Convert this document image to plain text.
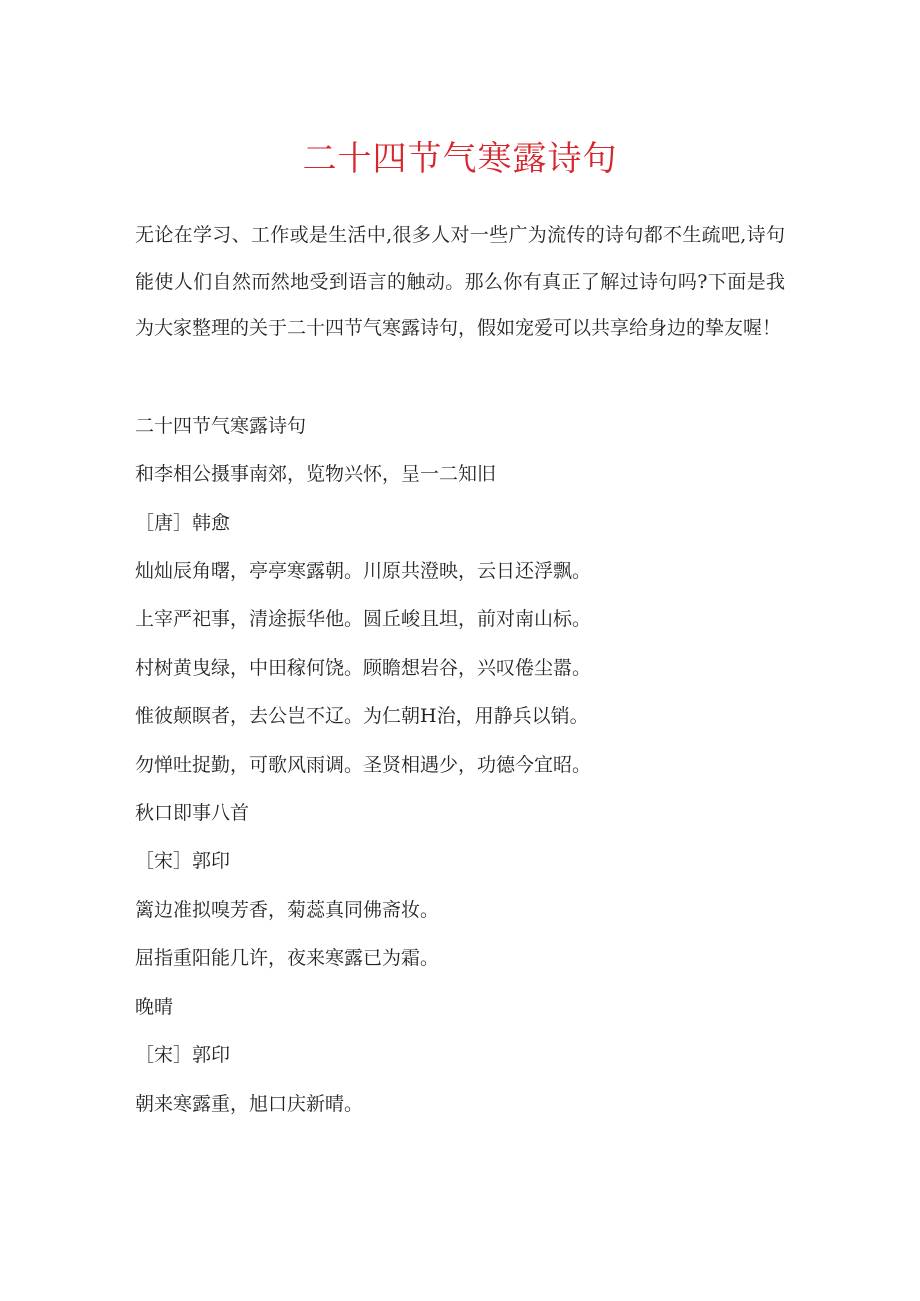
二十四节气寒露诗句
无论在学习、工作或是生活中,很多人对一些广为流传的诗句都不生疏吧,诗句能使人们自然而然地受到语言的触动。那么你有真正了解过诗句吗?下面是我为大家整理的关于二十四节气寒露诗句，假如宠爱可以共享给身边的挚友喔！
二十四节气寒露诗句
和李相公摄事南郊，览物兴怀，呈一二知旧
［唐］韩愈
灿灿辰角曙，亭亭寒露朝。川原共澄映，云日还浮飘。
上宰严祀事，清途振华他。圆丘峻且坦，前对南山标。
村树黄曳绿，中田稼何饶。顾瞻想岩谷，兴叹倦尘嚣。
惟彼颠瞑者，去公岂不辽。为仁朝H治，用静兵以销。
勿惮吐捉勤，可歌风雨调。圣贤相遇少，功德今宜昭。
秋口即事八首
［宋］郭印
篱边准拟嗅芳香，菊蕊真同佛斋妆。
屈指重阳能几许，夜来寒露已为霜。
晚晴
［宋］郭印
朝来寒露重，旭口庆新晴。
